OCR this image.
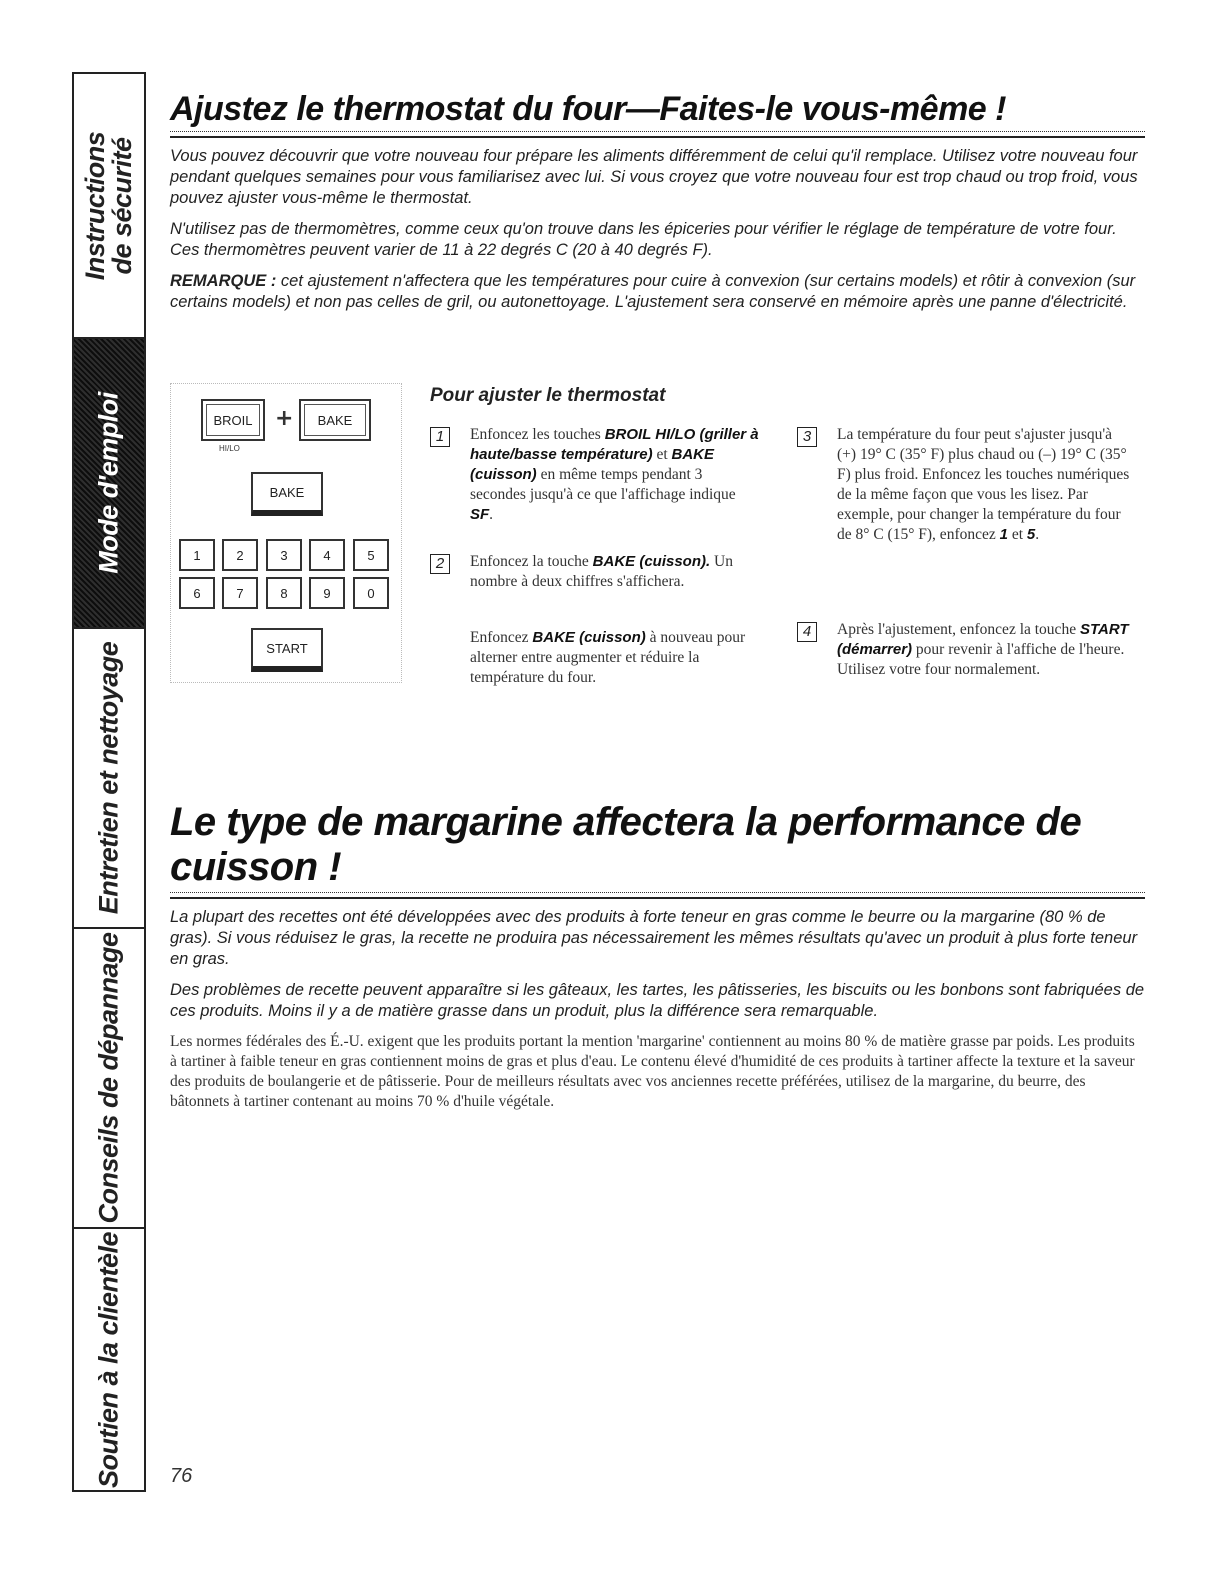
Instructions
de sécurité
Mode d'emploi
Entretien et nettoyage
Conseils de dépannage
Soutien à la clientèle
Ajustez le thermostat du four—Faites-le vous-même !

Vous pouvez découvrir que votre nouveau four prépare les aliments différemment de celui qu'il remplace. Utilisez votre nouveau four pendant quelques semaines pour vous familiarisez avec lui. Si vous croyez que votre nouveau four est trop chaud ou trop froid, vous pouvez ajuster vous-même le thermostat.

N'utilisez pas de thermomètres, comme ceux qu'on trouve dans les épiceries pour vérifier le réglage de température de votre four. Ces thermomètres peuvent varier de 11 à 22 degrés C (20 à 40 degrés F).

REMARQUE : cet ajustement n'affectera que les températures pour cuire à convexion (sur certains models) et rôtir à convexion (sur certains models) et non pas celles de gril, ou autonettoyage. L'ajustement sera conservé en mémoire après une panne d'électricité.

BROIL	+	BAKE
HI/LO
BAKE
1	2	3	4	5
6	7	8	9	0
START
Pour ajuster le thermostat
1	Enfoncez les touches BROIL HI/LO (griller à haute/basse température) et BAKE (cuisson) en même temps pendant 3 secondes jusqu'à ce que l'affichage indique SF.
2	Enfoncez la touche BAKE (cuisson). Un nombre à deux chiffres s'affichera.
Enfoncez BAKE (cuisson) à nouveau pour alterner entre augmenter et réduire la température du four.
3	La température du four peut s'ajuster jusqu'à (+) 19° C (35° F) plus chaud ou (–) 19° C (35° F) plus froid. Enfoncez les touches numériques de la même façon que vous les lisez. Par exemple, pour changer la température du four de 8° C (15° F), enfoncez 1 et 5.
4	Après l'ajustement, enfoncez la touche START (démarrer) pour revenir à l'affiche de l'heure. Utilisez votre four normalement.
Le type de margarine affectera la performance de cuisson !

La plupart des recettes ont été développées avec des produits à forte teneur en gras comme le beurre ou la margarine (80 % de gras). Si vous réduisez le gras, la recette ne produira pas nécessairement les mêmes résultats qu'avec un produit à plus forte teneur en gras.

Des problèmes de recette peuvent apparaître si les gâteaux, les tartes, les pâtisseries, les biscuits ou les bonbons sont fabriquées de ces produits. Moins il y a de matière grasse dans un produit, plus la différence sera remarquable.

Les normes fédérales des É.-U. exigent que les produits portant la mention 'margarine' contiennent au moins 80 % de matière grasse par poids. Les produits à tartiner à faible teneur en gras contiennent moins de gras et plus d'eau. Le contenu élevé d'humidité de ces produits à tartiner affecte la texture et la saveur des produits de boulangerie et de pâtisserie. Pour de meilleurs résultats avec vos anciennes recette préférées, utilisez de la margarine, du beurre, des bâtonnets à tartiner contenant au moins 70 % d'huile végétale.

76
